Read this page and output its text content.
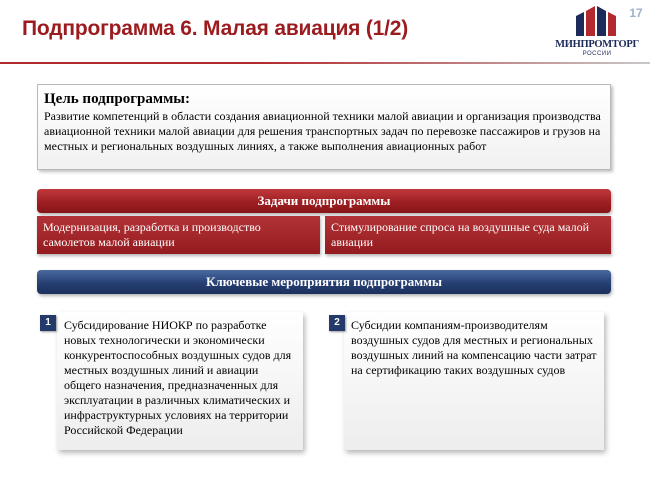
Подпрограмма 6. Малая авиация (1/2)
17
МИНПРОМТОРГ
РОССИИ
Цель подпрограммы:
Развитие компетенций в области создания авиационной техники малой авиации и организация производства авиационной техники малой авиации для решения транспортных задач по перевозке пассажиров и грузов на местных и региональных воздушных линиях, а также выполнения авиационных работ
Задачи подпрограммы
Модернизация, разработка и производство самолетов малой авиации
Стимулирование спроса на воздушные суда малой авиации
Ключевые мероприятия подпрограммы
Субсидирование НИОКР по разработке новых технологически и экономически конкурентоспособных воздушных судов для местных воздушных линий и авиации общего назначения, предназначенных для эксплуатации в различных климатических и инфраструктурных условиях на территории Российской Федерации
1	Субсидии компаниям-производителям воздушных судов для местных и региональных воздушных линий на компенсацию части затрат на сертификацию таких воздушных судов
2
